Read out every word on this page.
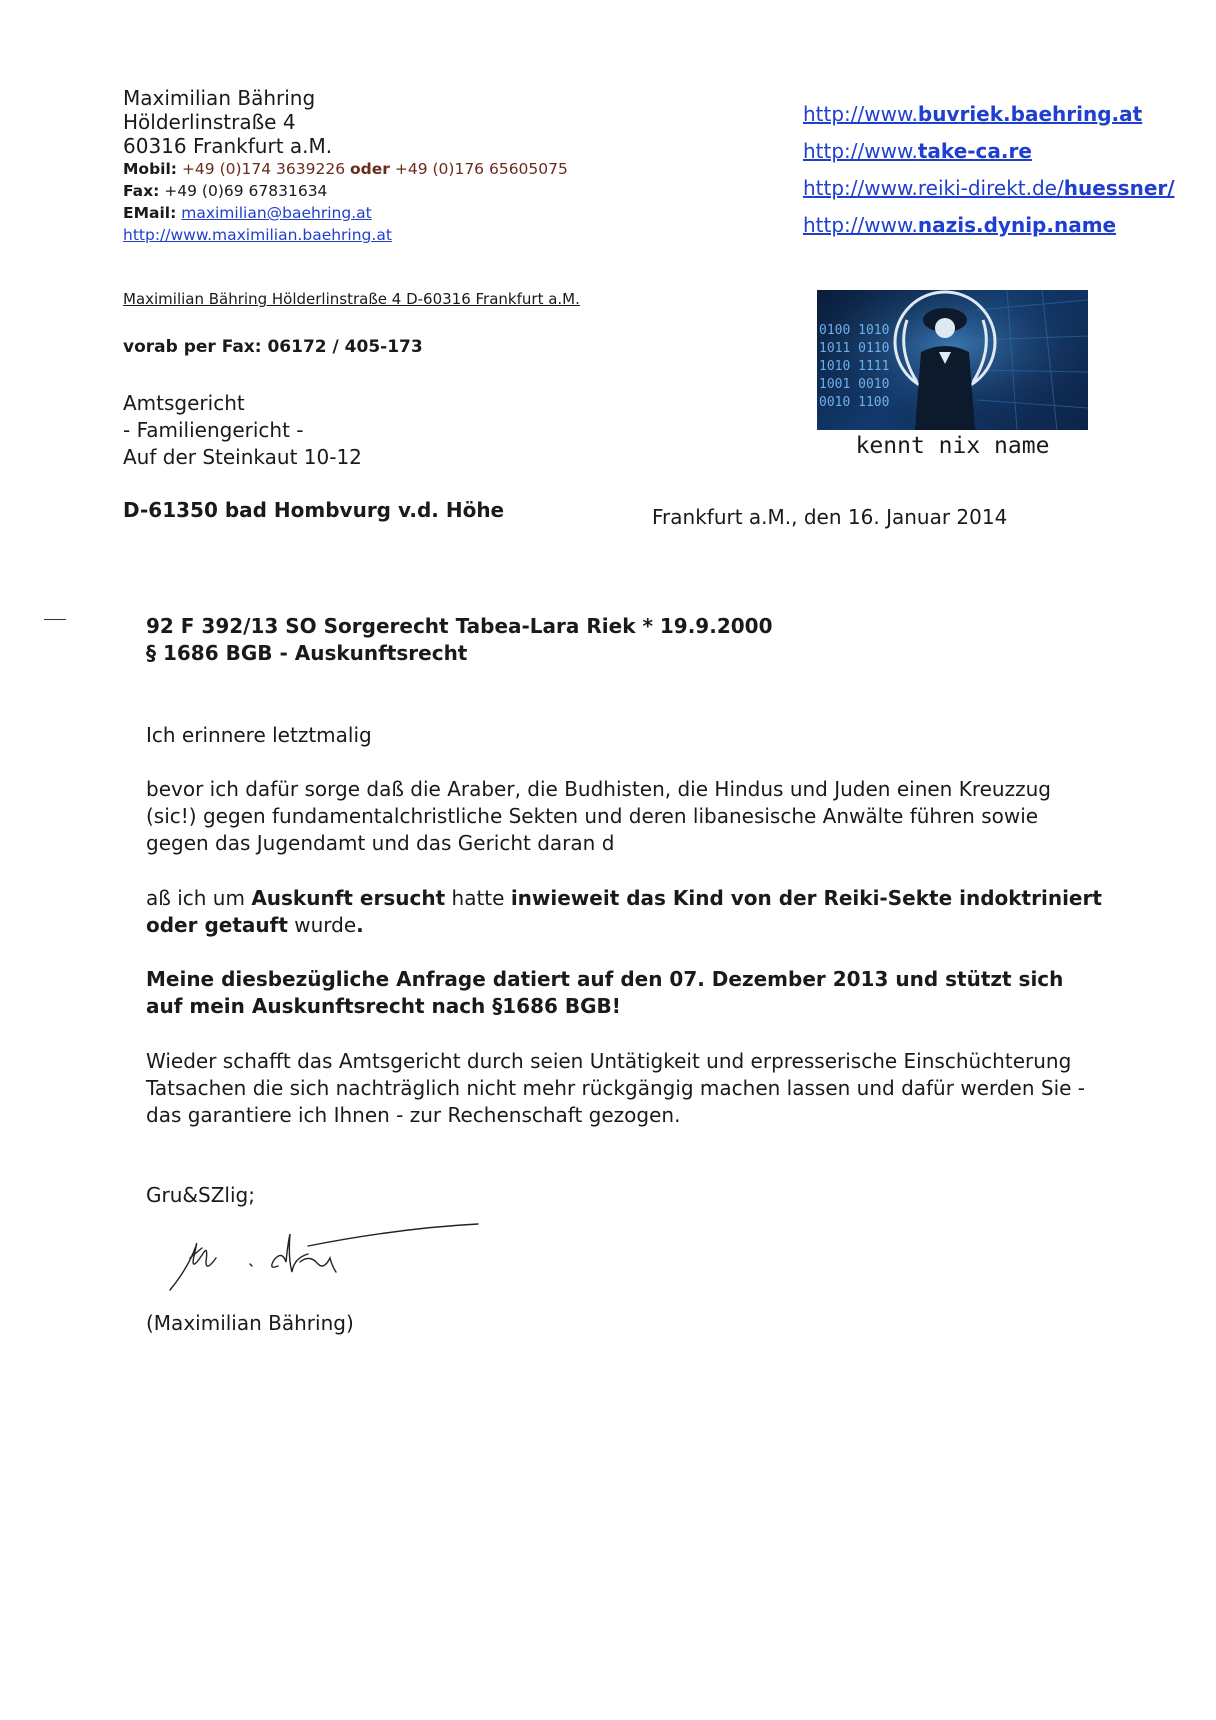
Maximilian Bähring
Hölderlinstraße 4
60316 Frankfurt a.M.
Mobil: +49 (0)174 3639226 oder +49 (0)176 65605075
Fax: +49 (0)69 67831634
EMail: maximilian@baehring.at
http://www.maximilian.baehring.at
http://www.buvriek.baehring.at
http://www.take-ca.re
http://www.reiki-direkt.de/huessner/
http://www.nazis.dynip.name
Maximilian Bähring Hölderlinstraße 4 D-60316 Frankfurt a.M.
vorab per Fax: 06172 / 405-173
0100 1010
1011 0110
1010 1111
1001 0010
0010 1100
kennt nix name
Amtsgericht
- Familiengericht -
Auf der Steinkaut 10-12
D-61350 bad Hombvurg v.d. Höhe	Frankfurt a.M., den 16. Januar 2014
92 F 392/13 SO Sorgerecht Tabea-Lara Riek * 19.9.2000
§ 1686 BGB - Auskunftsrecht
Ich erinnere letztmalig
bevor ich dafür sorge daß die Araber, die Budhisten, die Hindus und Juden einen Kreuzzug (sic!) gegen fundamentalchristliche Sekten und deren libanesische Anwälte führen sowie gegen das Jugendamt und das Gericht daran d
aß ich um Auskunft ersucht hatte inwieweit das Kind von der Reiki-Sekte indoktriniert oder getauft wurde.
Meine diesbezügliche Anfrage datiert auf den 07. Dezember 2013 und stützt sich auf mein Auskunftsrecht nach §1686 BGB!
Wieder schafft das Amtsgericht durch seien Untätigkeit und erpresserische Einschüchterung Tatsachen die sich nachträglich nicht mehr rückgängig machen lassen und dafür werden Sie - das garantiere ich Ihnen - zur Rechenschaft gezogen.
Gru&SZlig;
(Maximilian Bähring)
